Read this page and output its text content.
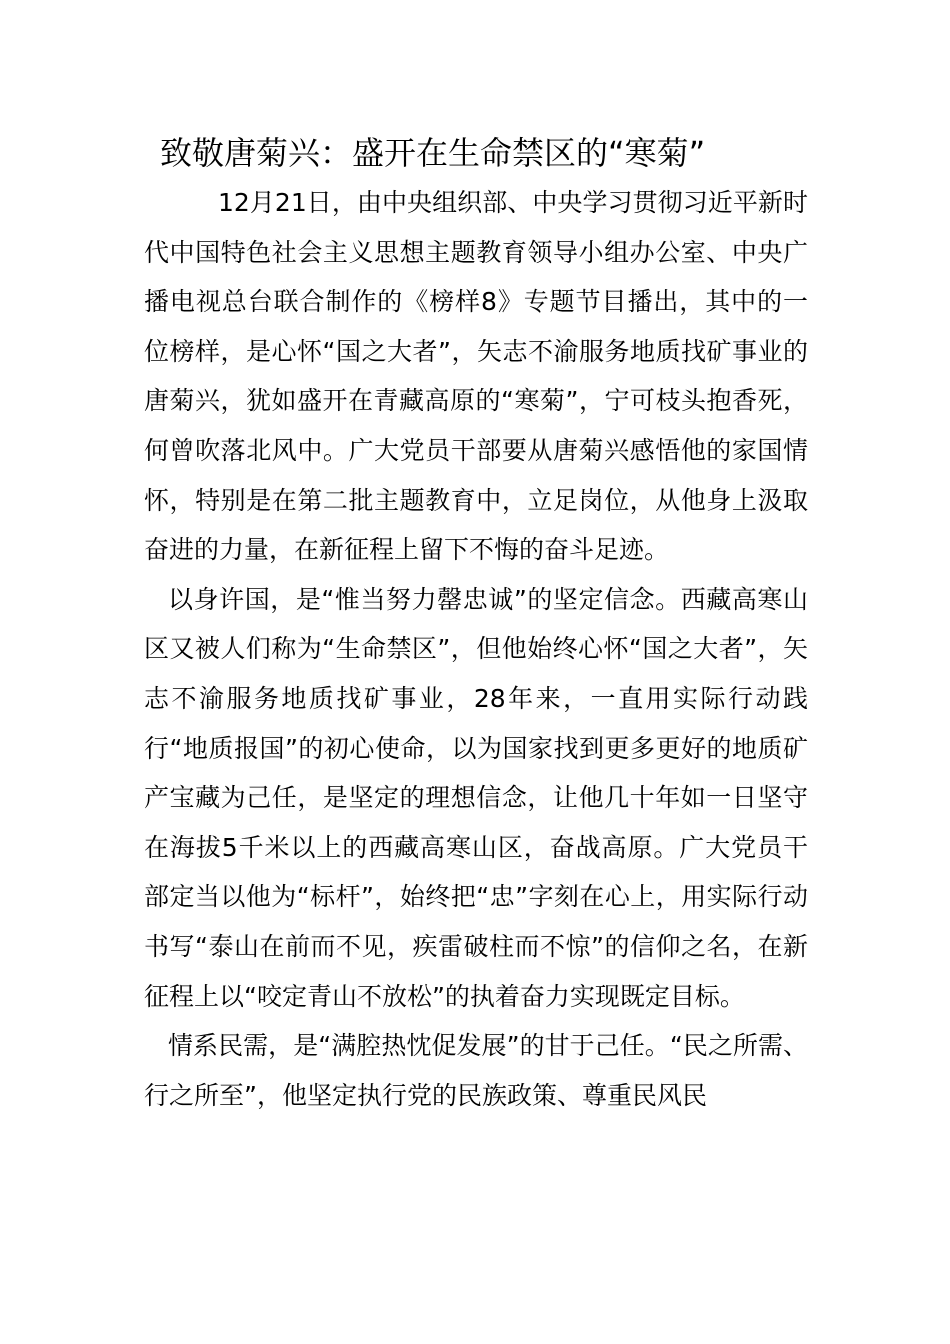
致敬唐菊兴：盛开在生命禁区的“寒菊”

12月21日，由中央组织部、中央学习贯彻习近平新时代中国特色社会主义思想主题教育领导小组办公室、中央广播电视总台联合制作的《榜样8》专题节目播出，其中的一位榜样，是心怀“国之大者”，矢志不渝服务地质找矿事业的唐菊兴，犹如盛开在青藏高原的“寒菊”，宁可枝头抱香死，何曾吹落北风中。广大党员干部要从唐菊兴感悟他的家国情怀，特别是在第二批主题教育中，立足岗位，从他身上汲取奋进的力量，在新征程上留下不悔的奋斗足迹。

以身许国，是“惟当努力罄忠诚”的坚定信念。西藏高寒山区又被人们称为“生命禁区”，但他始终心怀“国之大者”，矢志不渝服务地质找矿事业，28年来，一直用实际行动践行“地质报国”的初心使命，以为国家找到更多更好的地质矿产宝藏为己任，是坚定的理想信念，让他几十年如一日坚守在海拔5千米以上的西藏高寒山区，奋战高原。广大党员干部定当以他为“标杆”，始终把“忠”字刻在心上，用实际行动书写“泰山在前而不见，疾雷破柱而不惊”的信仰之名，在新征程上以“咬定青山不放松”的执着奋力实现既定目标。

情系民需，是“满腔热忱促发展”的甘于己任。“民之所需、行之所至”，他坚定执行党的民族政策、尊重民风民
